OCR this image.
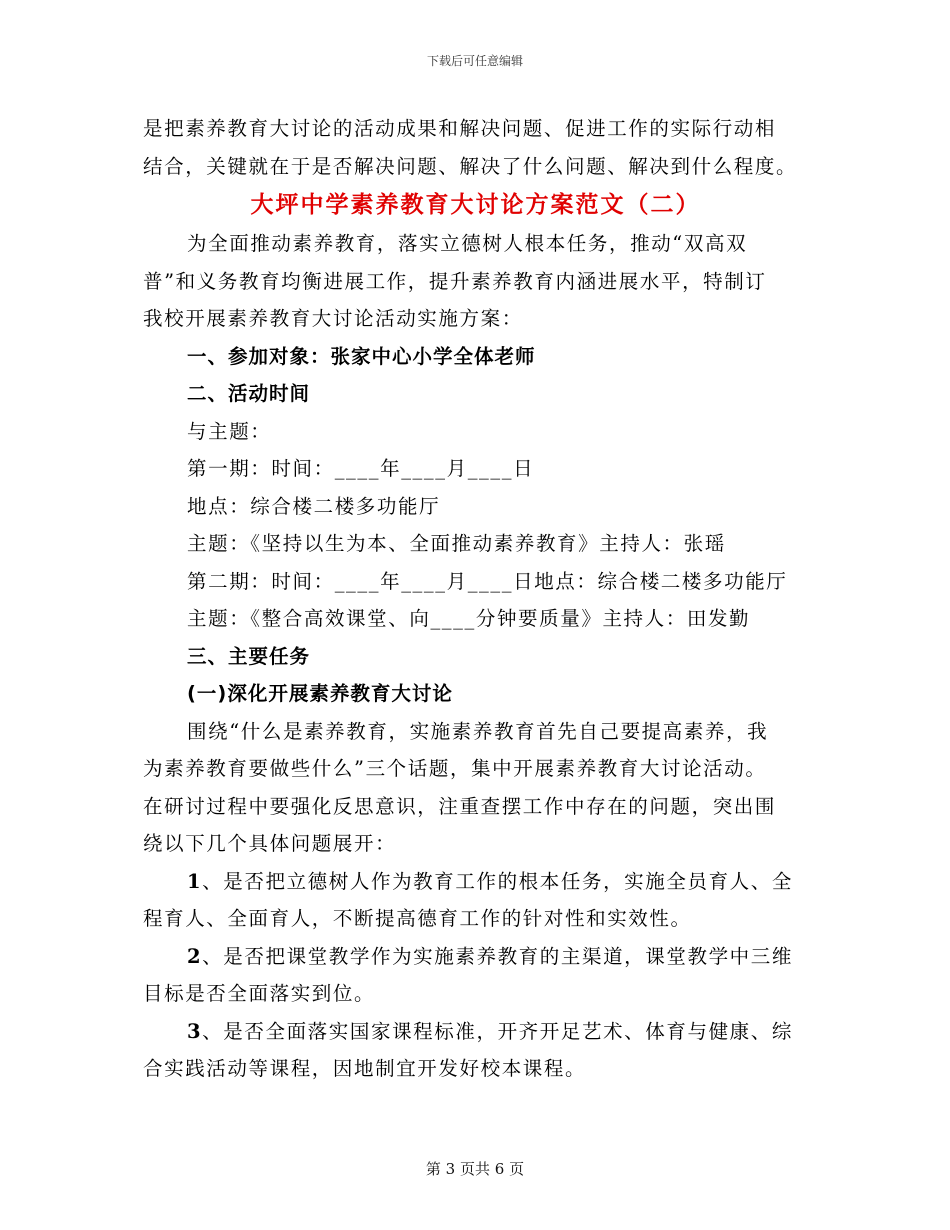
下载后可任意编辑
是把素养教育大讨论的活动成果和解决问题、促进工作的实际行动相
结合，关键就在于是否解决问题、解决了什么问题、解决到什么程度。
大坪中学素养教育大讨论方案范文（二）
为全面推动素养教育，落实立德树人根本任务，推动“双高双
普”和义务教育均衡进展工作，提升素养教育内涵进展水平，特制订
我校开展素养教育大讨论活动实施方案：
一、参加对象：张家中心小学全体老师
二、活动时间
与主题：
第一期：时间：____年____月____日
地点：综合楼二楼多功能厅
主题：《坚持以生为本、全面推动素养教育》主持人：张瑶
第二期：时间：____年____月____日地点：综合楼二楼多功能厅
主题：《整合高效课堂、向____分钟要质量》主持人：田发勤
三、主要任务
(一)深化开展素养教育大讨论
围绕“什么是素养教育，实施素养教育首先自己要提高素养，我
为素养教育要做些什么”三个话题，集中开展素养教育大讨论活动。
在研讨过程中要强化反思意识，注重查摆工作中存在的问题，突出围
绕以下几个具体问题展开：
1、是否把立德树人作为教育工作的根本任务，实施全员育人、全
程育人、全面育人，不断提高德育工作的针对性和实效性。
2、是否把课堂教学作为实施素养教育的主渠道，课堂教学中三维
目标是否全面落实到位。
3、是否全面落实国家课程标准，开齐开足艺术、体育与健康、综
合实践活动等课程，因地制宜开发好校本课程。
第 3 页共 6 页
